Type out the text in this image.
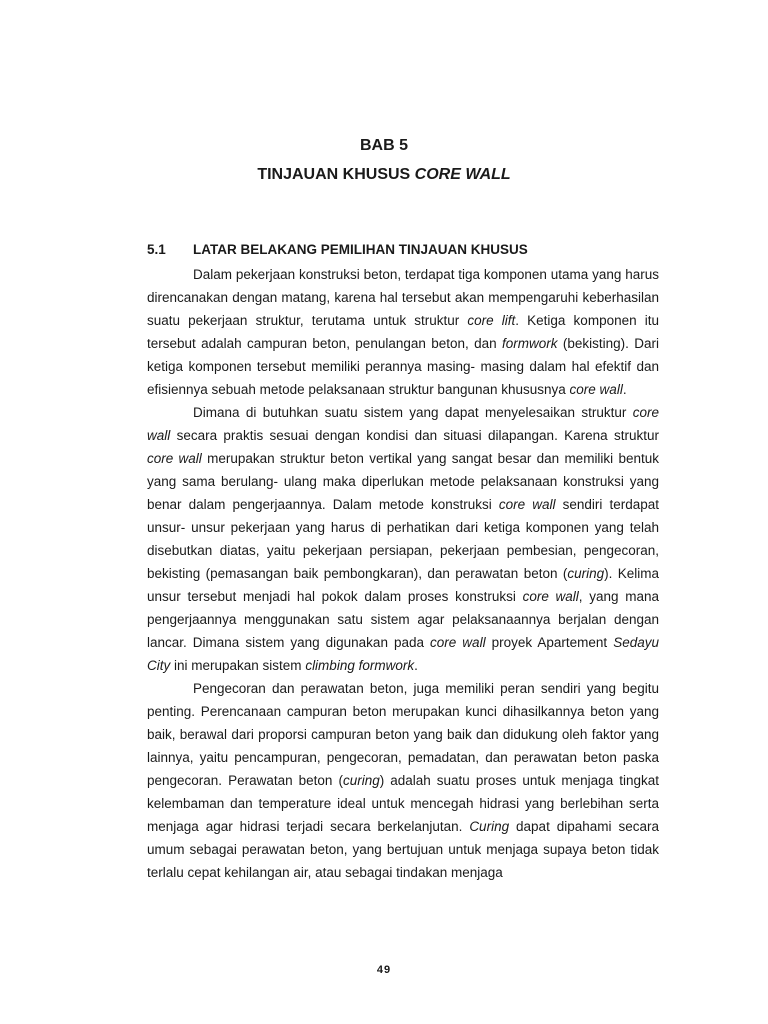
BAB 5
TINJAUAN KHUSUS CORE WALL
5.1 LATAR BELAKANG PEMILIHAN TINJAUAN KHUSUS

Dalam pekerjaan konstruksi beton, terdapat tiga komponen utama yang harus direncanakan dengan matang, karena hal tersebut akan mempengaruhi keberhasilan suatu pekerjaan struktur, terutama untuk struktur core lift. Ketiga komponen itu tersebut adalah campuran beton, penulangan beton, dan formwork (bekisting). Dari ketiga komponen tersebut memiliki perannya masing- masing dalam hal efektif dan efisiennya sebuah metode pelaksanaan struktur bangunan khususnya core wall.

Dimana di butuhkan suatu sistem yang dapat menyelesaikan struktur core wall secara praktis sesuai dengan kondisi dan situasi dilapangan. Karena struktur core wall merupakan struktur beton vertikal yang sangat besar dan memiliki bentuk yang sama berulang- ulang maka diperlukan metode pelaksanaan konstruksi yang benar dalam pengerjaannya. Dalam metode konstruksi core wall sendiri terdapat unsur- unsur pekerjaan yang harus di perhatikan dari ketiga komponen yang telah disebutkan diatas, yaitu pekerjaan persiapan, pekerjaan pembesian, pengecoran, bekisting (pemasangan baik pembongkaran), dan perawatan beton (curing). Kelima unsur tersebut menjadi hal pokok dalam proses konstruksi core wall, yang mana pengerjaannya menggunakan satu sistem agar pelaksanaannya berjalan dengan lancar. Dimana sistem yang digunakan pada core wall proyek Apartement Sedayu City ini merupakan sistem climbing formwork.

Pengecoran dan perawatan beton, juga memiliki peran sendiri yang begitu penting. Perencanaan campuran beton merupakan kunci dihasilkannya beton yang baik, berawal dari proporsi campuran beton yang baik dan didukung oleh faktor yang lainnya, yaitu pencampuran, pengecoran, pemadatan, dan perawatan beton paska pengecoran. Perawatan beton (curing) adalah suatu proses untuk menjaga tingkat kelembaman dan temperature ideal untuk mencegah hidrasi yang berlebihan serta menjaga agar hidrasi terjadi secara berkelanjutan. Curing dapat dipahami secara umum sebagai perawatan beton, yang bertujuan untuk menjaga supaya beton tidak terlalu cepat kehilangan air, atau sebagai tindakan menjaga

49
